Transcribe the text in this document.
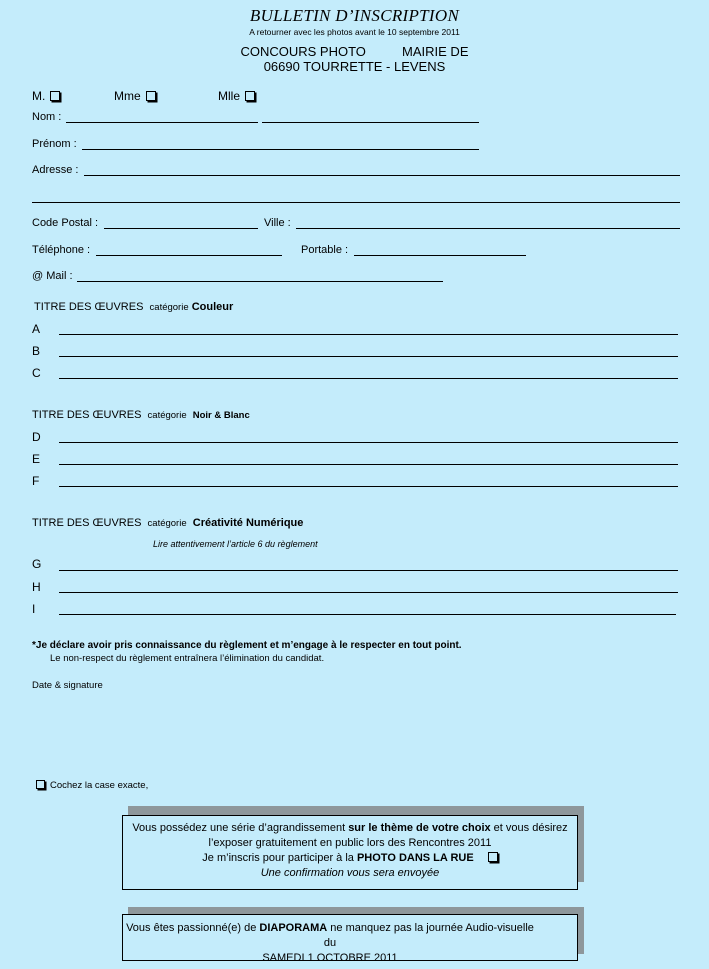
BULLETIN D’INSCRIPTION
A retourner avec les photos avant le 10 septembre 2011
CONCOURS PHOTO          MAIRIE DE
06690 TOURRETTE - LEVENS
M.	Mme	Mlle
Nom :
Prénom :
Adresse :
Code Postal :	Ville :
Téléphone :	Portable :
@ Mail :
TITRE DES ŒUVRES catégorie Couleur
A
B
C
TITRE DES ŒUVRES catégorie Noir & Blanc
D
E
F
TITRE DES ŒUVRES catégorie Créativité Numérique
Lire attentivement l’article 6 du règlement
G
H
I
*Je déclare avoir pris connaissance du règlement et m’engage à le respecter en tout point.
Le non-respect du règlement entraînera l’élimination du candidat.
Date & signature
Cochez la case exacte,
Vous possédez une série d’agrandissement sur le thème de votre choix et vous désirez
l’exposer gratuitement en public lors des Rencontres 2011
Je m’inscris pour participer à la PHOTO DANS LA RUE
Une confirmation vous sera envoyée
Vous êtes passionné(e) de DIAPORAMA ne manquez pas la journée Audio-visuelle du
SAMEDI 1 OCTOBRE 2011
